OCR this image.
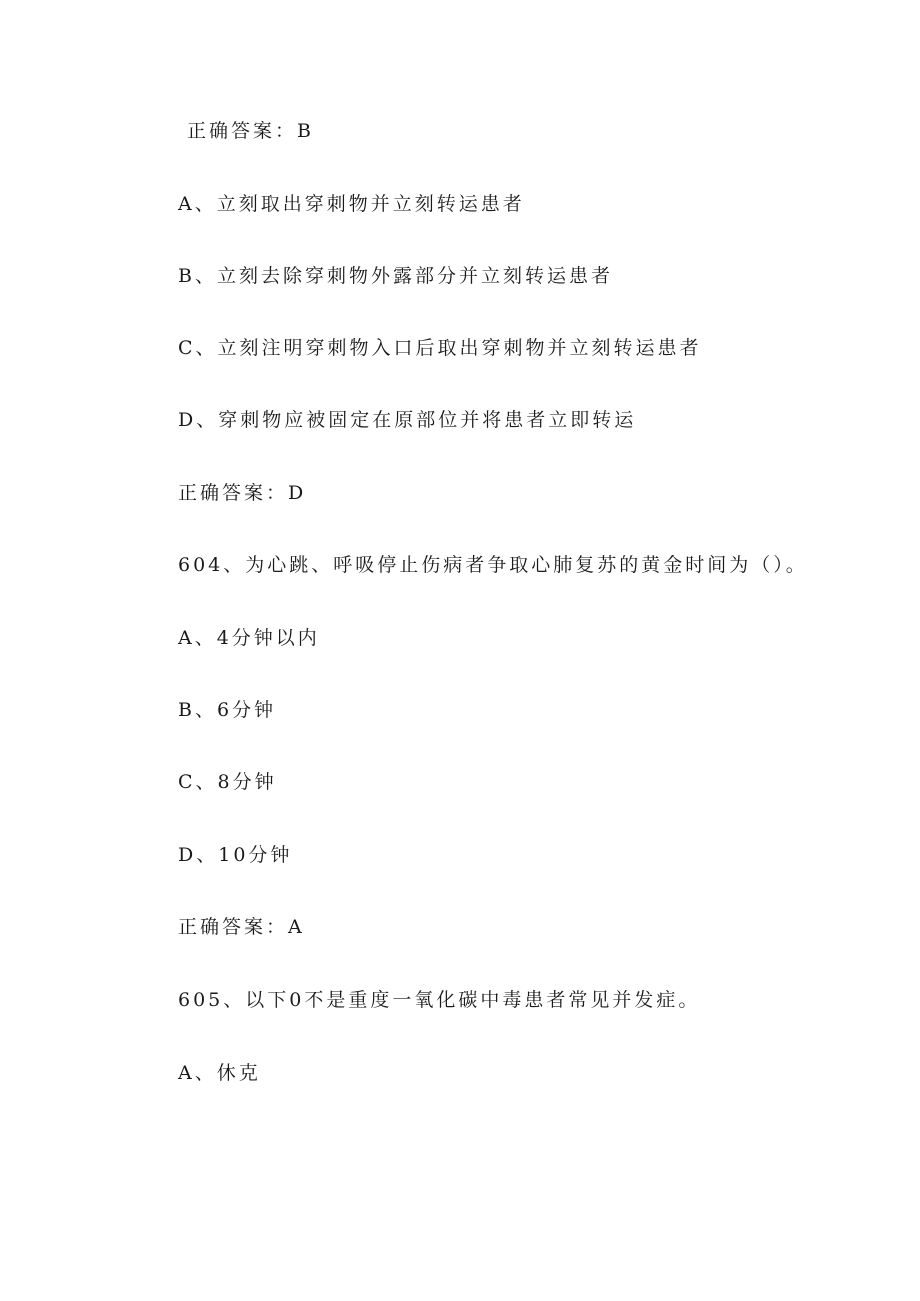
正确答案：B
A、立刻取出穿刺物并立刻转运患者
B、立刻去除穿刺物外露部分并立刻转运患者
C、立刻注明穿刺物入口后取出穿刺物并立刻转运患者
D、穿刺物应被固定在原部位并将患者立即转运
正确答案：D
604、为心跳、呼吸停止伤病者争取心肺复苏的黄金时间为（）。
A、4分钟以内
B、6分钟
C、8分钟
D、10分钟
正确答案：A
605、以下0不是重度一氧化碳中毒患者常见并发症。
A、休克
